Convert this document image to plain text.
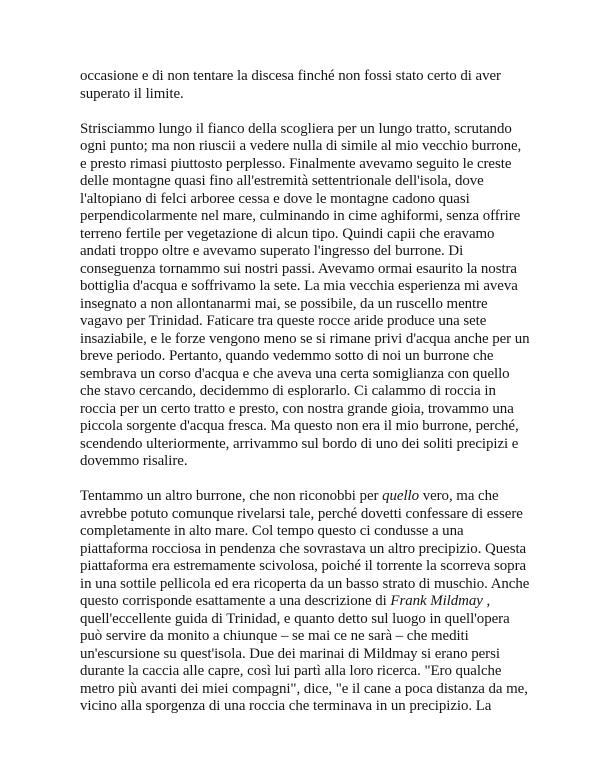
occasione e di non tentare la discesa finché non fossi stato certo di aver
superato il limite.
Strisciammo lungo il fianco della scogliera per un lungo tratto, scrutando
ogni punto; ma non riuscii a vedere nulla di simile al mio vecchio burrone,
e presto rimasi piuttosto perplesso. Finalmente avevamo seguito le creste
delle montagne quasi fino all'estremità settentrionale dell'isola, dove
l'altopiano di felci arboree cessa e dove le montagne cadono quasi
perpendicolarmente nel mare, culminando in cime aghiformi, senza offrire
terreno fertile per vegetazione di alcun tipo. Quindi capii che eravamo
andati troppo oltre e avevamo superato l'ingresso del burrone. Di
conseguenza tornammo sui nostri passi. Avevamo ormai esaurito la nostra
bottiglia d'acqua e soffrivamo la sete. La mia vecchia esperienza mi aveva
insegnato a non allontanarmi mai, se possibile, da un ruscello mentre
vagavo per Trinidad. Faticare tra queste rocce aride produce una sete
insaziabile, e le forze vengono meno se si rimane privi d'acqua anche per un
breve periodo. Pertanto, quando vedemmo sotto di noi un burrone che
sembrava un corso d'acqua e che aveva una certa somiglianza con quello
che stavo cercando, decidemmo di esplorarlo. Ci calammo di roccia in
roccia per un certo tratto e presto, con nostra grande gioia, trovammo una
piccola sorgente d'acqua fresca. Ma questo non era il mio burrone, perché,
scendendo ulteriormente, arrivammo sul bordo di uno dei soliti precipizi e
dovemmo risalire.
Tentammo un altro burrone, che non riconobbi per quello vero, ma che
avrebbe potuto comunque rivelarsi tale, perché dovetti confessare di essere
completamente in alto mare. Col tempo questo ci condusse a una
piattaforma rocciosa in pendenza che sovrastava un altro precipizio. Questa
piattaforma era estremamente scivolosa, poiché il torrente la scorreva sopra
in una sottile pellicola ed era ricoperta da un basso strato di muschio. Anche
questo corrisponde esattamente a una descrizione di Frank Mildmay ,
quell'eccellente guida di Trinidad, e quanto detto sul luogo in quell'opera
può servire da monito a chiunque – se mai ce ne sarà – che mediti
un'escursione su quest'isola. Due dei marinai di Mildmay si erano persi
durante la caccia alle capre, così lui partì alla loro ricerca. "Ero qualche
metro più avanti dei miei compagni", dice, "e il cane a poca distanza da me,
vicino alla sporgenza di una roccia che terminava in un precipizio. La
